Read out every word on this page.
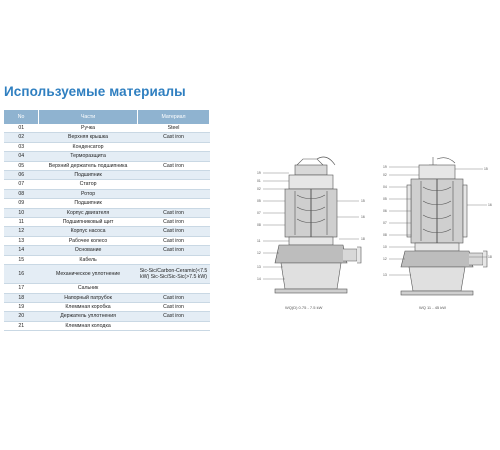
Используемые материалы
No	Части	Материал
01	Ручка	Steel
02	Верхняя крышка	Cast iron
03	Конденсатор	
04	Терморазщита	
05	Верхний держатель подшипника	Cast iron
06	Подшипник	
07	Статор	
08	Ротор	
09	Подшипник	
10	Корпус двигателя	Cast iron
11	Подшипниковый щит	Cast iron
12	Корпус насоса	Cast iron
13	Рабочее колесо	Cast iron
14	Основание	Cast iron
15	Кабель	
16	Механическое уплотнение	Sic-Sic/Carbon-Ceramic(<7.5 kW) Sic-Sic/Sic-Sic(>7.5 kW)
17	Сальник	
18	Напорный патрубок	Cast iron
19	Клеммная коробка	Cast iron
20	Держатель уплотнения	Cast iron
21	Клеммная колодка	
19
01
02
05
07
08
11
12
13
14
15
16
18
WQ(D) 0.75 - 7.5 kW
19
02
04
05
06
07
08
10
12
13
15
16
18
WQ 11 - 45 kW
